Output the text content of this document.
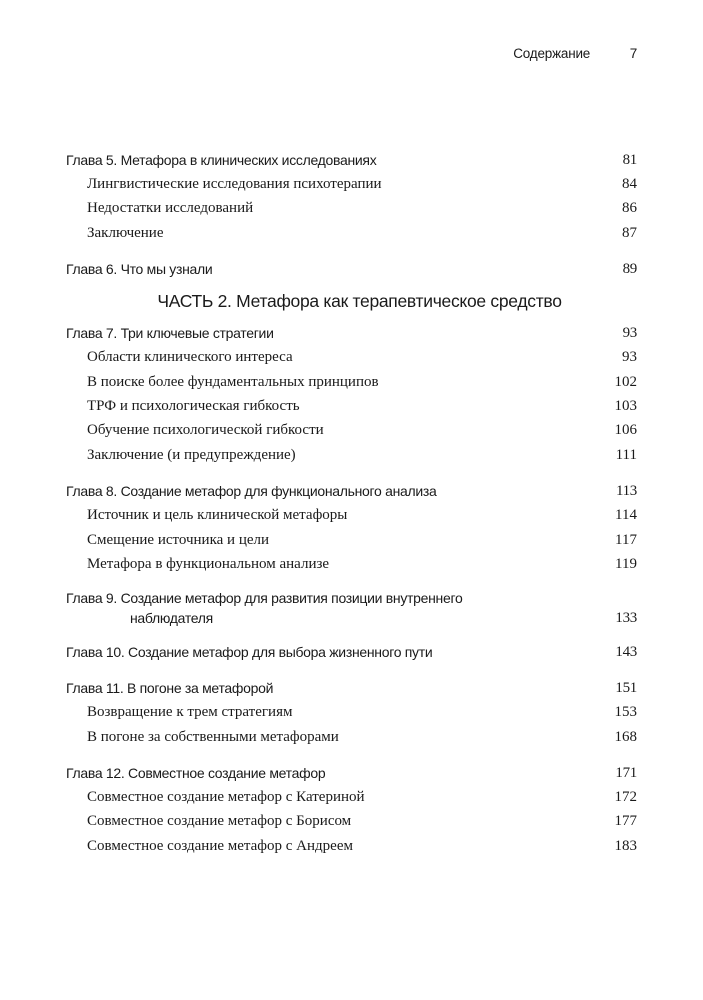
Содержание	7
Глава 5. Метафора в клинических исследованиях	81
Лингвистические исследования психотерапии	84
Недостатки исследований	86
Заключение	87
Глава 6. Что мы узнали	89
ЧАСТЬ 2. Метафора как терапевтическое средство
Глава 7. Три ключевые стратегии	93
Области клинического интереса	93
В поиске более фундаментальных принципов	102
ТРФ и психологическая гибкость	103
Обучение психологической гибкости	106
Заключение (и предупреждение)	111
Глава 8. Создание метафор для функционального анализа	113
Источник и цель клинической метафоры	114
Смещение источника и цели	117
Метафора в функциональном анализе	119
Глава 9. Создание метафор для развития позиции внутреннего
наблюдателя	133
Глава 10. Создание метафор для выбора жизненного пути	143
Глава 11. В погоне за метафорой	151
Возвращение к трем стратегиям	153
В погоне за собственными метафорами	168
Глава 12. Совместное создание метафор	171
Совместное создание метафор с Катериной	172
Совместное создание метафор с Борисом	177
Совместное создание метафор с Андреем	183
